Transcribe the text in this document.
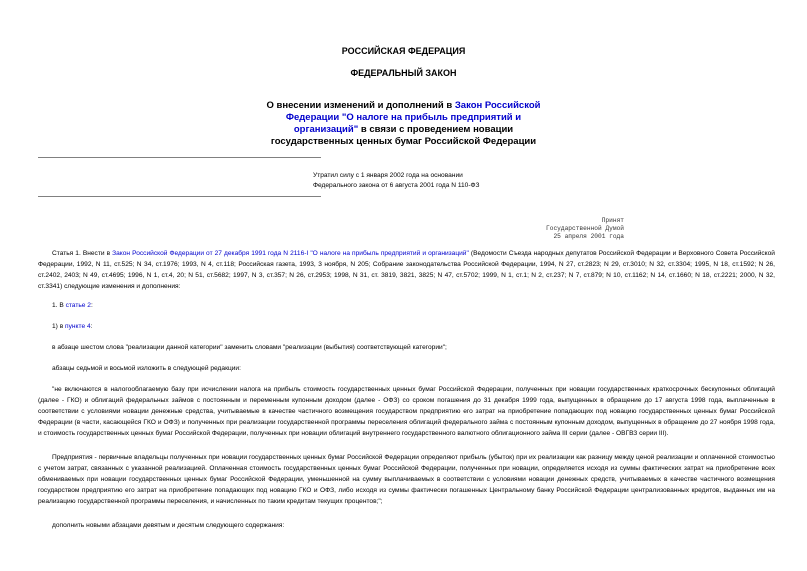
РОССИЙСКАЯ ФЕДЕРАЦИЯ
ФЕДЕРАЛЬНЫЙ ЗАКОН
О внесении изменений и дополнений в Закон Российской
Федерации "О налоге на прибыль предприятий и
организаций" в связи с проведением новации
государственных ценных бумаг Российской Федерации
Утратил силу с 1 января 2002 года на основании
Федерального закона от 6 августа 2001 года N 110-ФЗ
Принят
Государственной Думой
25 апреля 2001 года
Статья 1. Внести в Закон Российской Федерации от 27 декабря 1991 года N 2116-I "О налоге на прибыль предприятий и организаций" (Ведомости Съезда народных депутатов Российской Федерации и Верховного Совета Российской Федерации, 1992, N 11, ст.525; N 34, ст.1976; 1993, N 4, ст.118; Российская газета, 1993, 3 ноября, N 205; Собрание законодательства Российской Федерации, 1994, N 27, ст.2823; N 29, ст.3010; N 32, ст.3304; 1995, N 18, ст.1592; N 26, ст.2402, 2403; N 49, ст.4695; 1996, N 1, ст.4, 20; N 51, ст.5682; 1997, N 3, ст.357; N 26, ст.2953; 1998, N 31, ст. 3819, 3821, 3825; N 47, ст.5702; 1999, N 1, ст.1; N 2, ст.237; N 7, ст.879; N 10, ст.1162; N 14, ст.1660; N 18, ст.2221; 2000, N 32, ст.3341) следующие изменения и дополнения:
1. В статье 2:
1) в пункте 4:
в абзаце шестом слова "реализации данной категории" заменить словами "реализации (выбытия) соответствующей категории";
абзацы седьмой и восьмой изложить в следующей редакции:
"не включаются в налогооблагаемую базу при исчислении налога на прибыль стоимость государственных ценных бумаг Российской Федерации, полученных при новации государственных краткосрочных бескупонных облигаций (далее - ГКО) и облигаций федеральных займов с постоянным и переменным купонным доходом (далее - ОФЗ) со сроком погашения до 31 декабря 1999 года, выпущенных в обращение до 17 августа 1998 года, выплаченные в соответствии с условиями новации денежные средства, учитываемые в качестве частичного возмещения государством предприятию его затрат на приобретение попадающих под новацию государственных ценных бумаг Российской Федерации (в части, касающейся ГКО и ОФЗ) и полученных при реализации государственной программы переселения облигаций федерального займа с постоянным купонным доходом, выпущенных в обращение до 27 ноября 1998 года, и стоимость государственных ценных бумаг Российской Федерации, полученных при новации облигаций внутреннего государственного валютного облигационного займа III серии (далее - ОВГВЗ серии III).
Предприятия - первичные владельцы полученных при новации государственных ценных бумаг Российской Федерации определяют прибыль (убыток) при их реализации как разницу между ценой реализации и оплаченной стоимостью с учетом затрат, связанных с указанной реализацией. Оплаченная стоимость государственных ценных бумаг Российской Федерации, полученных при новации, определяется исходя из суммы фактических затрат на приобретение всех обмениваемых при новации государственных ценных бумаг Российской Федерации, уменьшенной на сумму выплачиваемых в соответствии с условиями новации денежных средств, учитываемых в качестве частичного возмещения государством предприятию его затрат на приобретение попадающих под новацию ГКО и ОФЗ, либо исходя из суммы фактически погашенных Центральному банку Российской Федерации централизованных кредитов, выданных им на реализацию государственной программы переселения, и начисленных по таким кредитам текущих процентов;";
дополнить новыми абзацами девятым и десятым следующего содержания:
